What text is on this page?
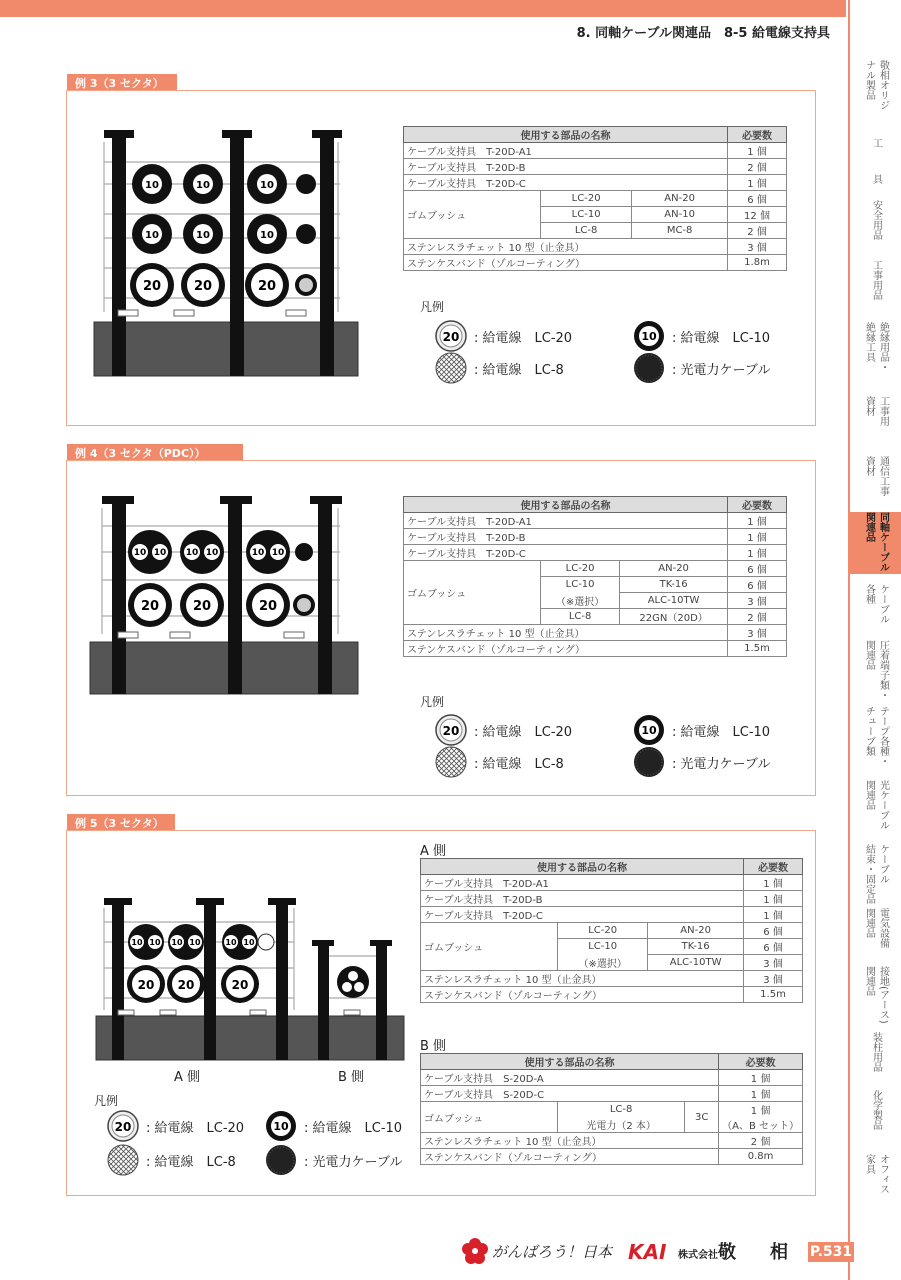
8. 同軸ケーブル関連品　8-5 給電線支持具
ナル製品 敬相オリジ
工
具
安全用品
工事用品
絶縁工具 絶縁用品・
資材 工事用
資材 通信工事
関連品 同軸ケーブル
各種 ケーブル
関連品 圧着端子類・
チューブ類 テープ各種・
関連品 光ケーブル
結束・固定品 ケーブル
関連品 電気設備
関連品 接地(アース)
装柱用品
化学製品
家具 オフィス
例 3（3 セクタ）
10	10	10
10	10	10
20	20	20
使用する部品の名称			必要数
ケーブル支持具　T-20D-A1			1 個
ケーブル支持具　T-20D-B			2 個
ケーブル支持具　T-20D-C			1 個
ゴムブッシュ	LC-20	AN-20	6 個
	LC-10	AN-10	12 個
	LC-8	MC-8	2 個
ステンレスラチェット 10 型（止金具）			3 個
ステンケスバンド（ゾルコーティング）			1.8m
凡例
20 : 給電線　LC-20	10 : 給電線　LC-10
: 給電線　LC-8	: 光電力ケーブル
例 4（3 セクタ（PDC））
10 10 10 10	10 10
20	20	20
使用する部品の名称			必要数
ケーブル支持具　T-20D-A1			1 個
ケーブル支持具　T-20D-B			1 個
ケーブル支持具　T-20D-C			1 個
ゴムブッシュ	LC-20	AN-20	6 個
	LC-10	TK-16	6 個
	（※選択）	ALC-10TW	3 個
	LC-8	22GN（20D）	2 個
ステンレスラチェット 10 型（止金具）			3 個
ステンケスバンド（ゾルコーティング）			1.5m
凡例
20 : 給電線　LC-20	10 : 給電線　LC-10
: 給電線　LC-8	: 光電力ケーブル
例 5（3 セクタ）
10 10 10 10	10 10
20 20	20
A 側	B 側
A 側
使用する部品の名称			必要数
ケーブル支持具　T-20D-A1			1 個
ケーブル支持具　T-20D-B			1 個
ケーブル支持具　T-20D-C			1 個
ゴムブッシュ	LC-20	AN-20	6 個
	LC-10	TK-16	6 個
	（※選択）	ALC-10TW	3 個
ステンレスラチェット 10 型（止金具）			3 個
ステンケスバンド（ゾルコーティング）			1.5m
B 側
使用する部品の名称			必要数
ケーブル支持具　S-20D-A			1 個
ケーブル支持具　S-20D-C			1 個
ゴムブッシュ	LC-8	3C	1 個
	光電力（2 本）		（A、B セット）
ステンレスラチェット 10 型（止金具）			2 個
ステンケスバンド（ゾルコーティング）			0.8m
凡例
20 : 給電線　LC-20	10 : 給電線　LC-10
: 給電線　LC-8	: 光電力ケーブル
がんばろう！日本 KAI 株式会社 敬 相 P.531
